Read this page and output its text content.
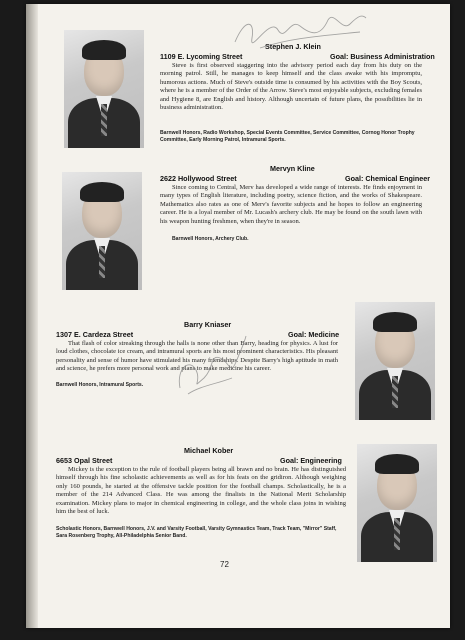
1109 E. Lycoming Street
Stephen J. Klein
Goal: Business Administration

Steve is first observed staggering into the advisory period each day from his duty on the morning patrol. Still, he manages to keep himself and the class awake with his impromptu, humorous actions. Much of Steve's outside time is consumed by his activities with the Boy Scouts, where he is a member of the Order of the Arrow. Steve's most enjoyable subjects, excluding females and Hygiene 8, are English and history. Although uncertain of future plans, the possibilities lie in business administration.

Barnwell Honors, Radio Workshop, Special Events Committee, Service Committee, Cornog Honor Trophy Committee, Early Morning Patrol, Intramural Sports.

Mervyn Kline
2622 Hollywood Street	Goal: Chemical Engineer

Since coming to Central, Merv has developed a wide range of interests. He finds enjoyment in many types of English literature, including poetry, science fiction, and the works of Shakespeare. Mathematics also rates as one of Merv's favorite subjects and he hopes to follow an engineering career. He is a loyal member of Mr. Lucash's archery club. He may be found on the south lawn with his weapon hunting freshmen, when they're in season.

Barnwell Honors, Archery Club.

Barry Kniaser
1307 E. Cardeza Street	Goal: Medicine

That flash of color streaking through the halls is none other than Barry, heading for physics. A lust for loud clothes, chocolate ice cream, and intramural sports are his most prominent characteristics. His pleasant personality and sense of humor have stimulated his many friendships. Despite Barry's high aptitude in math and science, he prefers more personal work and plans to make medicine his career.

Barnwell Honors, Intramural Sports.

Michael Kober
6653 Opal Street	Goal: Engineering

Mickey is the exception to the rule of football players being all brawn and no brain. He has distinguished himself through his fine scholastic achievements as well as for his feats on the gridiron. Although weighing only 160 pounds, he started at the offensive tackle position for the football champs. Scholastically, he is a member of the 214 Advanced Class. He was among the finalists in the National Merit Scholarship examination. Mickey plans to major in chemical engineering in college, and the whole class joins in wishing him the best of luck.

Scholastic Honors, Barnwell Honors, J.V. and Varsity Football, Varsity Gymnastics Team, Track Team, "Mirror" Staff, Sara Rosenberg Trophy, All-Philadelphia Senior Band.

72
